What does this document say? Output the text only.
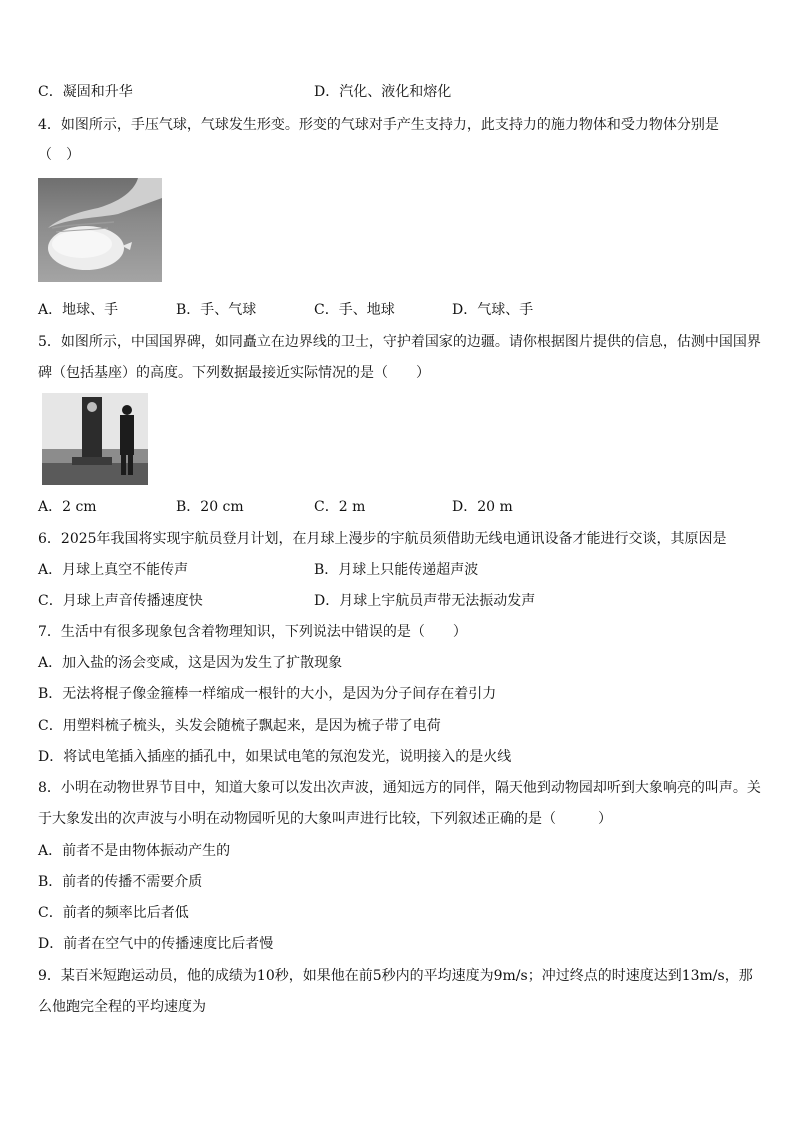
C．凝固和升华	D．汽化、液化和熔化
4．如图所示，手压气球，气球发生形变。形变的气球对手产生支持力，此支持力的施力物体和受力物体分别是
（　）
A．地球、手	B．手、气球	C．手、地球	D．气球、手
5．如图所示，中国国界碑，如同矗立在边界线的卫士，守护着国家的边疆。请你根据图片提供的信息，估测中国国界
碑（包括基座）的高度。下列数据最接近实际情况的是（　　）
A．2 cm	B．20 cm	C．2 m	D．20 m
6．2025年我国将实现宇航员登月计划，在月球上漫步的宇航员须借助无线电通讯设备才能进行交谈，其原因是
A．月球上真空不能传声	B．月球上只能传递超声波
C．月球上声音传播速度快	D．月球上宇航员声带无法振动发声
7．生活中有很多现象包含着物理知识，下列说法中错误的是（　　）
A．加入盐的汤会变咸，这是因为发生了扩散现象
B．无法将棍子像金箍棒一样缩成一根针的大小，是因为分子间存在着引力
C．用塑料梳子梳头，头发会随梳子飘起来，是因为梳子带了电荷
D．将试电笔插入插座的插孔中，如果试电笔的氖泡发光，说明接入的是火线
8．小明在动物世界节目中，知道大象可以发出次声波，通知远方的同伴，隔天他到动物园却听到大象响亮的叫声。关
于大象发出的次声波与小明在动物园听见的大象叫声进行比较，下列叙述正确的是（　　　）
A．前者不是由物体振动产生的
B．前者的传播不需要介质
C．前者的频率比后者低
D．前者在空气中的传播速度比后者慢
9．某百米短跑运动员，他的成绩为10秒，如果他在前5秒内的平均速度为9m/s；冲过终点的时速度达到13m/s，那
么他跑完全程的平均速度为
